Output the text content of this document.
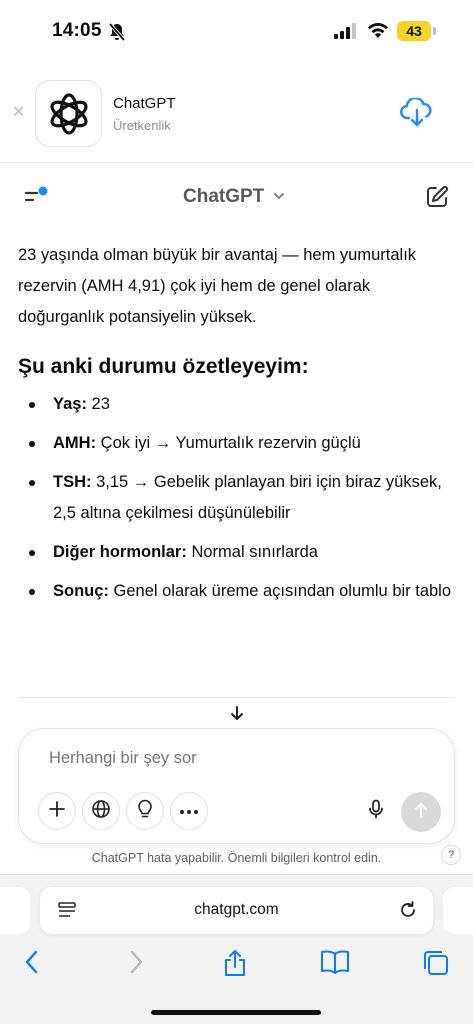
14:05	43
✕
ChatGPT
Üretkenlik
ChatGPT

23 yaşında olman büyük bir avantaj — hem yumurtalık rezervin (AMH 4,91) çok iyi hem de genel olarak doğurganlık potansiyelin yüksek.

Şu anki durumu özetleyeyim:
Yaş: 23
AMH: Çok iyi → Yumurtalık rezervin güçlü
TSH: 3,15 → Gebelik planlayan biri için biraz yüksek, 2,5 altına çekilmesi düşünülebilir
Diğer hormonlar: Normal sınırlarda
Sonuç: Genel olarak üreme açısından olumlu bir tablo
Herhangi bir şey sor
ChatGPT hata yapabilir. Önemli bilgileri kontrol edin.	?
chatgpt.com
